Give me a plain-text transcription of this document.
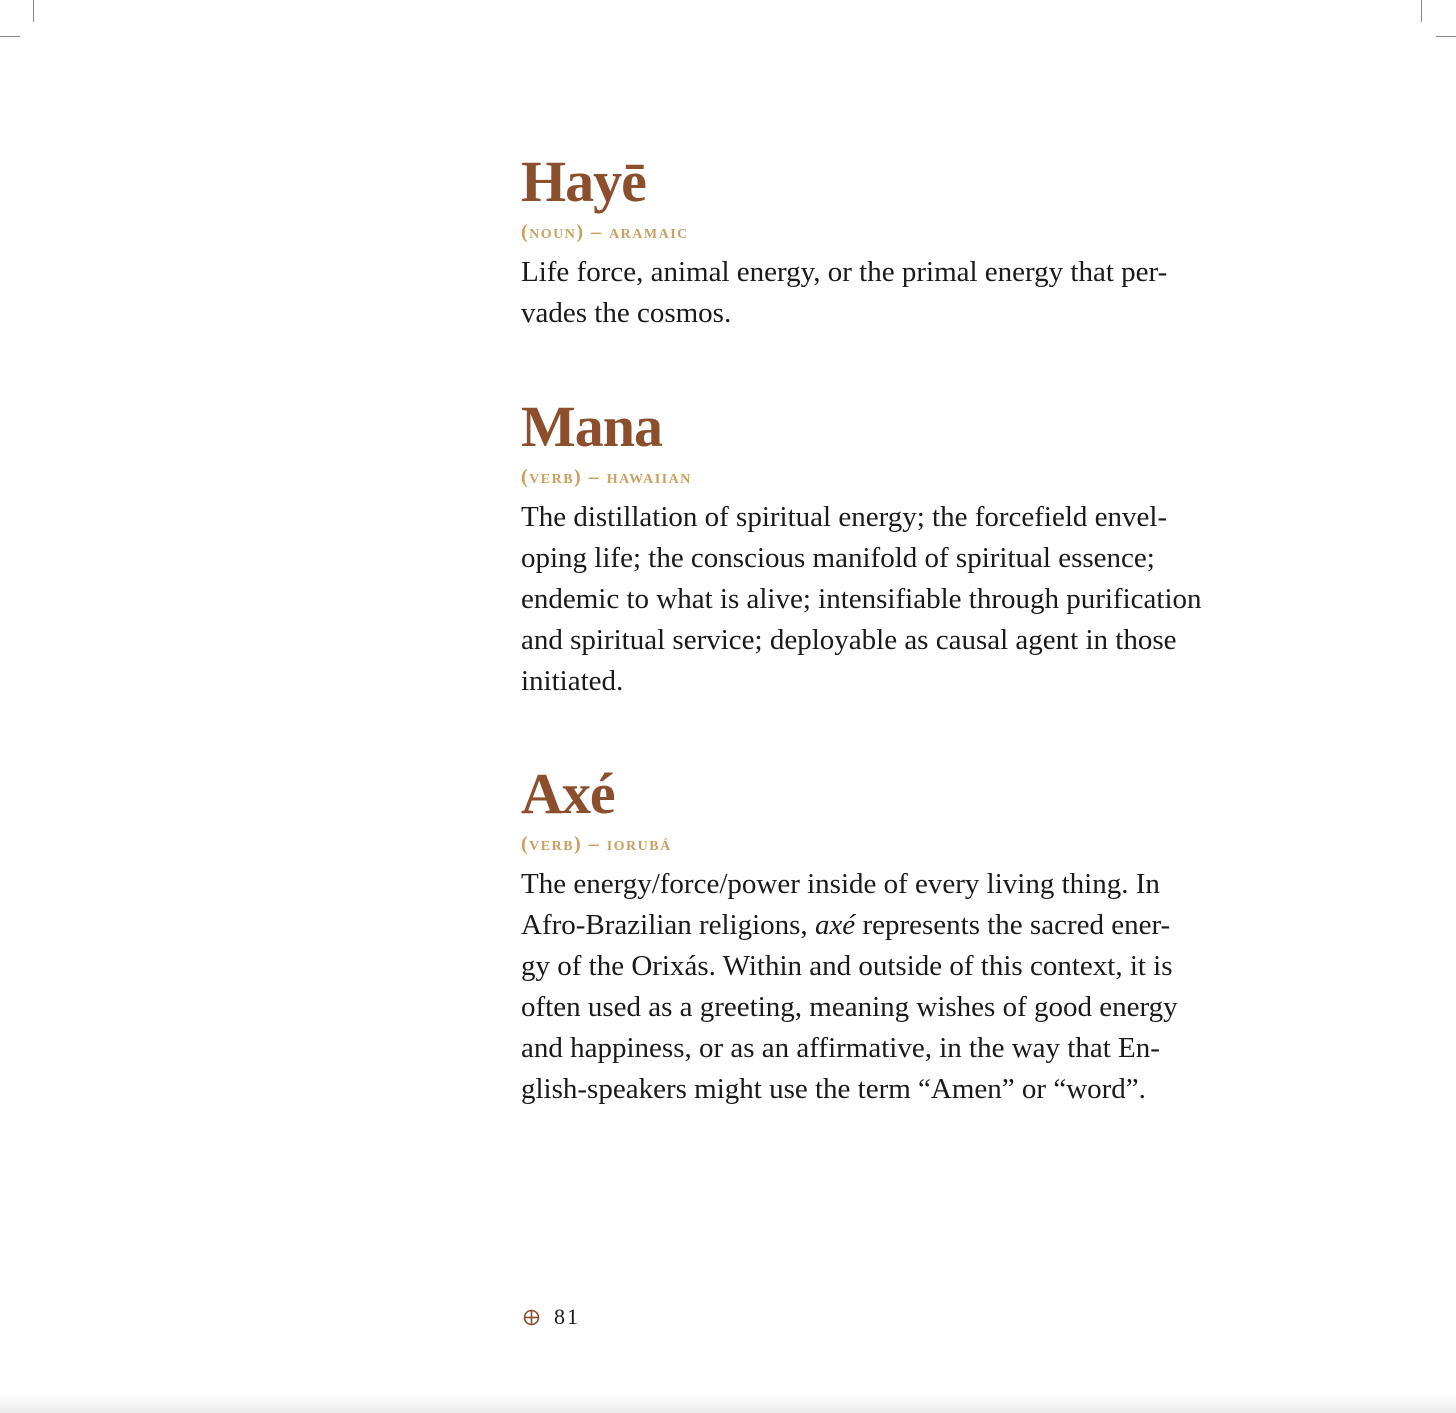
Hayē
(noun) – aramaic

Life force, animal energy, or the primal energy that per-
vades the cosmos.

Mana
(verb) – hawaiian

The distillation of spiritual energy; the forcefield envel-
oping life; the conscious manifold of spiritual essence;
endemic to what is alive; intensifiable through purification
and spiritual service; deployable as causal agent in those
initiated.

Axé
(verb) – iorubá

The energy/force/power inside of every living thing. In
Afro-Brazilian religions, axé represents the sacred ener-
gy of the Orixás. Within and outside of this context, it is
often used as a greeting, meaning wishes of good energy
and happiness, or as an affirmative, in the way that En-
glish-speakers might use the term “Amen” or “word”.

81
